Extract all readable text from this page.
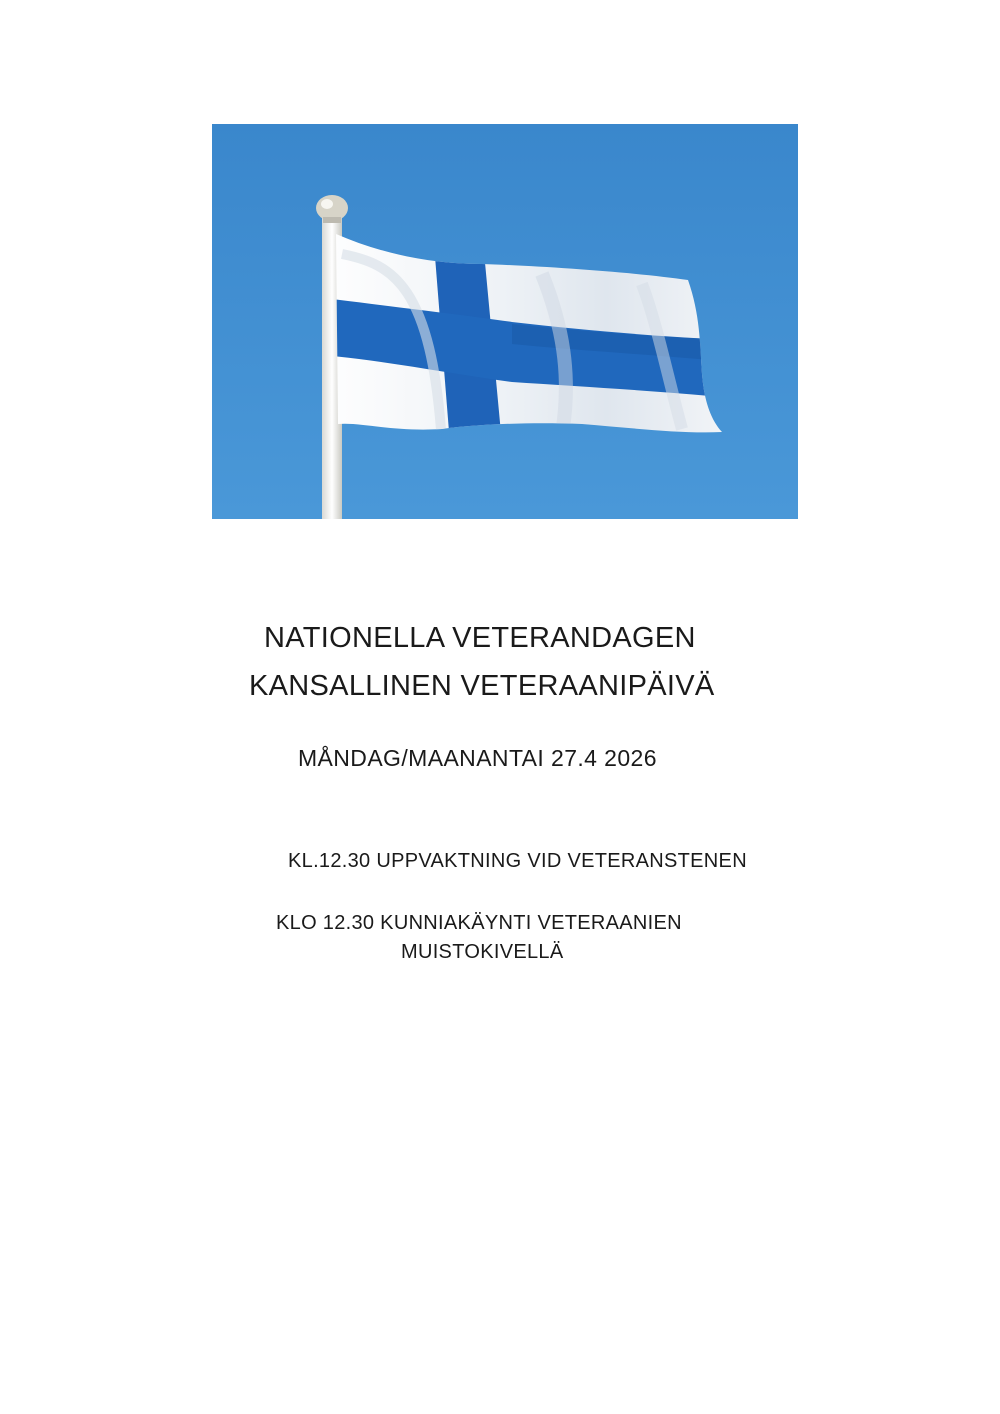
NATIONELLA VETERANDAGEN
KANSALLINEN VETERAANIPÄIVÄ
MÅNDAG/MAANANTAI 27.4 2026
KL.12.30 UPPVAKTNING VID VETERANSTENEN
KLO 12.30 KUNNIAKÄYNTI VETERAANIEN
MUISTOKIVELLÄ
